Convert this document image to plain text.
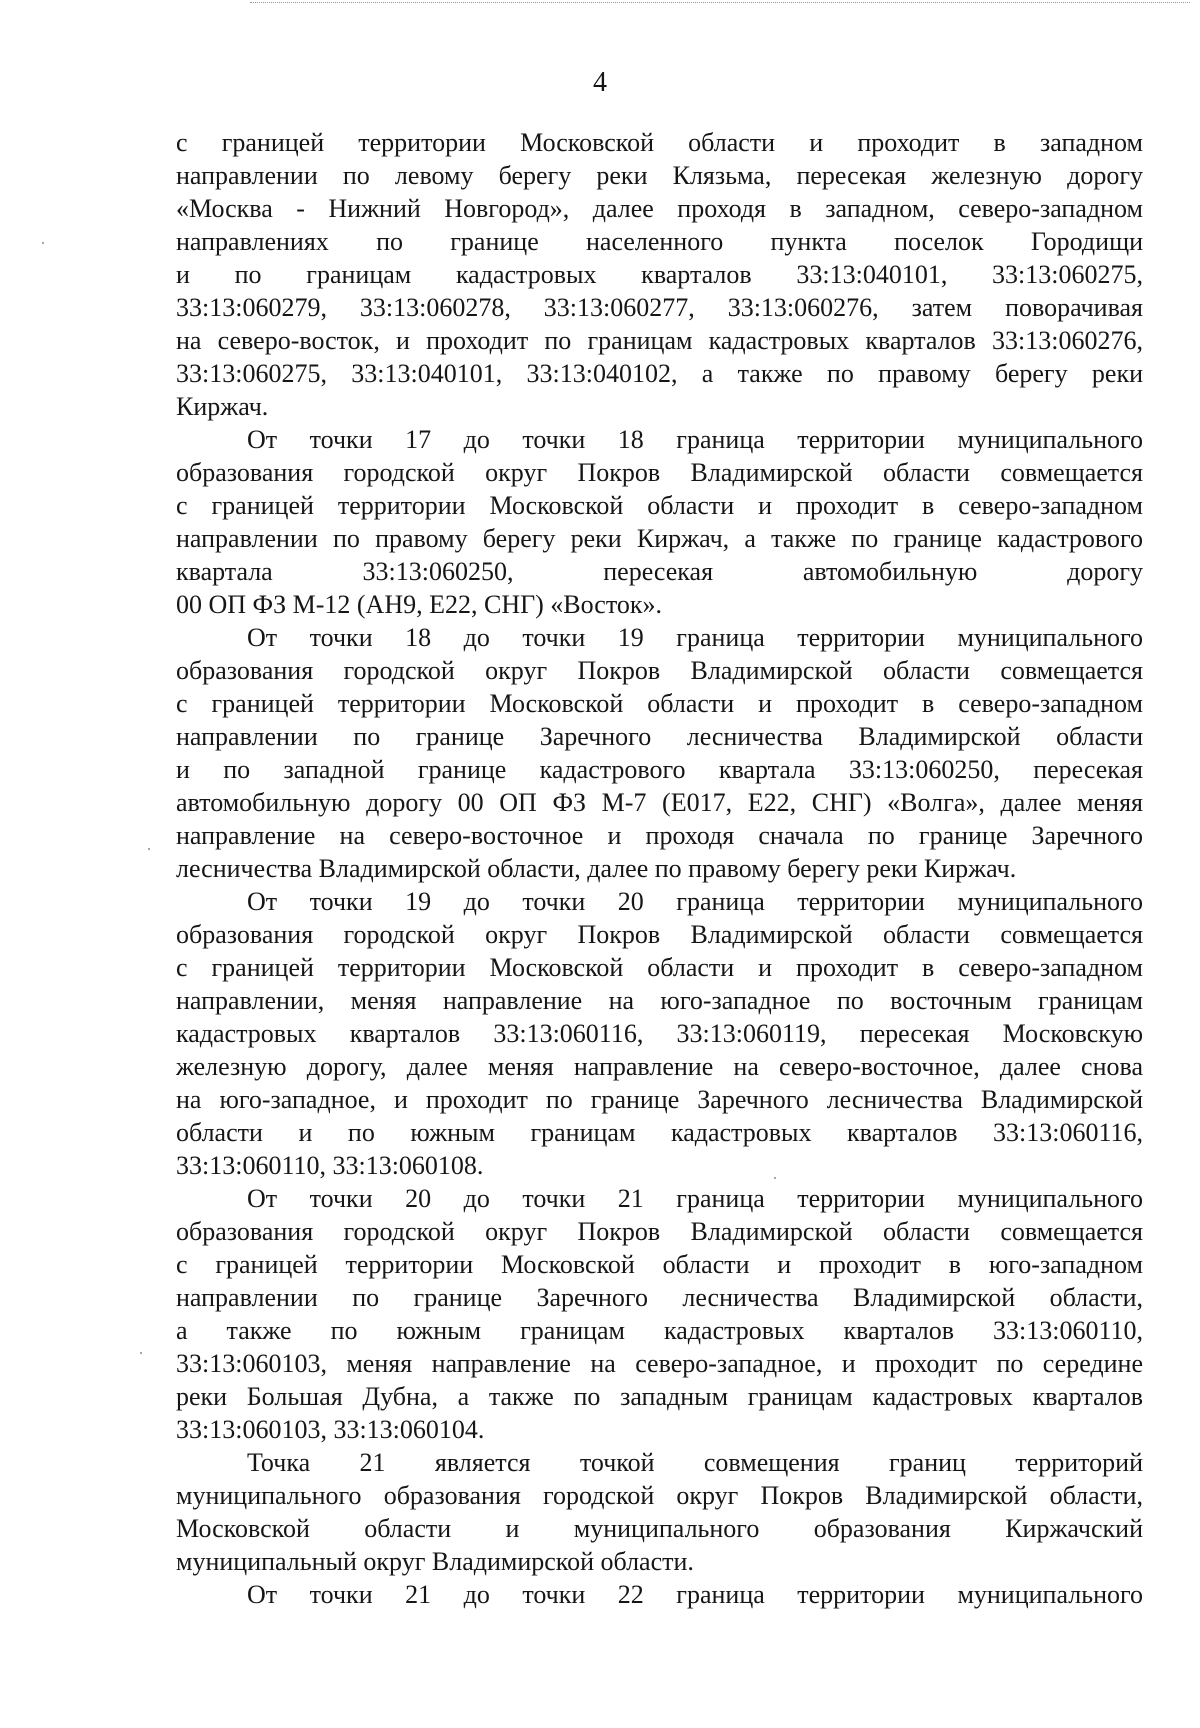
4
с границей территории Московской области и проходит в западном
направлении по левому берегу реки Клязьма, пересекая железную дорогу
«Москва - Нижний Новгород», далее проходя в западном, северо-западном
направлениях по границе населенного пункта поселок Городищи
и по границам кадастровых кварталов 33:13:040101, 33:13:060275,
33:13:060279, 33:13:060278, 33:13:060277, 33:13:060276, затем поворачивая
на северо-восток, и проходит по границам кадастровых кварталов 33:13:060276,
33:13:060275, 33:13:040101, 33:13:040102, а также по правому берегу реки
Киржач.
От точки 17 до точки 18 граница территории муниципального
образования городской округ Покров Владимирской области совмещается
с границей территории Московской области и проходит в северо-западном
направлении по правому берегу реки Киржач, а также по границе кадастрового
квартала 33:13:060250, пересекая автомобильную дорогу
00 ОП ФЗ М-12 (АН9, Е22, СНГ) «Восток».
От точки 18 до точки 19 граница территории муниципального
образования городской округ Покров Владимирской области совмещается
с границей территории Московской области и проходит в северо-западном
направлении по границе Заречного лесничества Владимирской области
и по западной границе кадастрового квартала 33:13:060250, пересекая
автомобильную дорогу 00 ОП ФЗ М-7 (Е017, Е22, СНГ) «Волга», далее меняя
направление на северо-восточное и проходя сначала по границе Заречного
лесничества Владимирской области, далее по правому берегу реки Киржач.
От точки 19 до точки 20 граница территории муниципального
образования городской округ Покров Владимирской области совмещается
с границей территории Московской области и проходит в северо-западном
направлении, меняя направление на юго-западное по восточным границам
кадастровых кварталов 33:13:060116, 33:13:060119, пересекая Московскую
железную дорогу, далее меняя направление на северо-восточное, далее снова
на юго-западное, и проходит по границе Заречного лесничества Владимирской
области и по южным границам кадастровых кварталов 33:13:060116,
33:13:060110, 33:13:060108.
От точки 20 до точки 21 граница территории муниципального
образования городской округ Покров Владимирской области совмещается
с границей территории Московской области и проходит в юго-западном
направлении по границе Заречного лесничества Владимирской области,
а также по южным границам кадастровых кварталов 33:13:060110,
33:13:060103, меняя направление на северо-западное, и проходит по середине
реки Большая Дубна, а также по западным границам кадастровых кварталов
33:13:060103, 33:13:060104.
Точка 21 является точкой совмещения границ территорий
муниципального образования городской округ Покров Владимирской области,
Московской области и муниципального образования Киржачский
муниципальный округ Владимирской области.
От точки 21 до точки 22 граница территории муниципального
